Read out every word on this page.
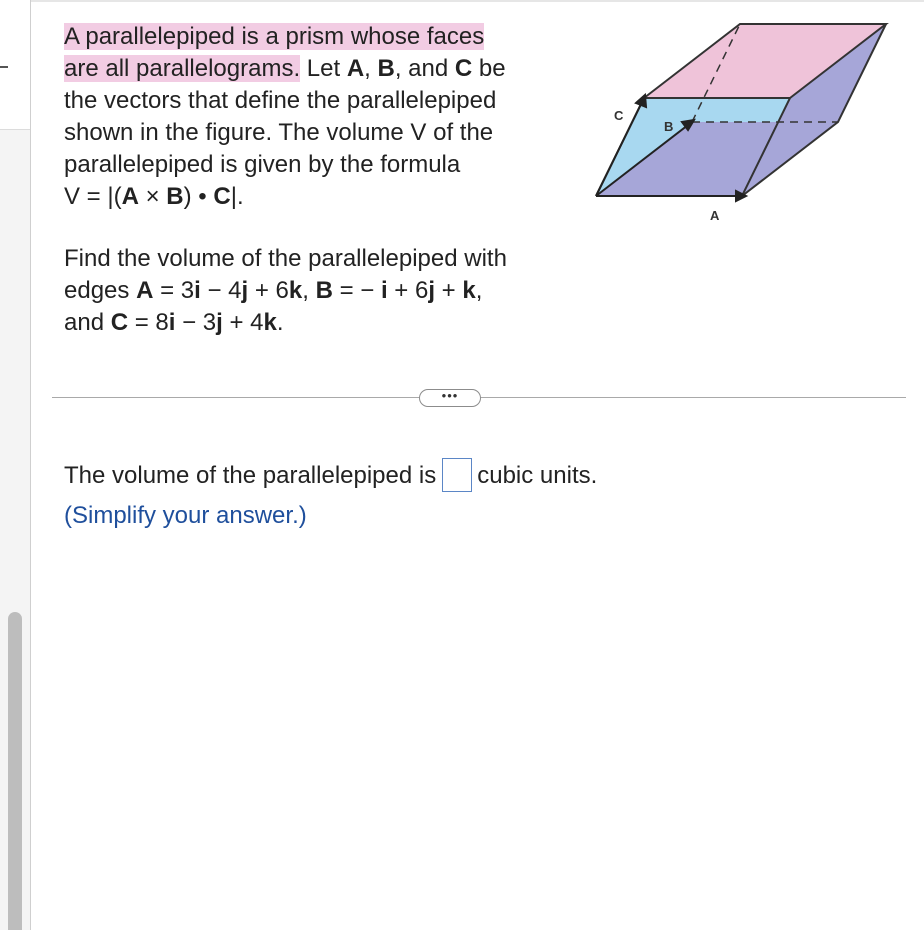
A parallelepiped is a prism whose faces
are all parallelograms. Let A, B, and C be
the vectors that define the parallelepiped
shown in the figure. The volume V of the
parallelepiped is given by the formula
V = |(A × B) • C|.
C
B
A
Find the volume of the parallelepiped with
edges A = 3i − 4j + 6k, B = − i + 6j + k,
and C = 8i − 3j + 4k.
•••
The volume of the parallelepiped is cubic units.
(Simplify your answer.)
